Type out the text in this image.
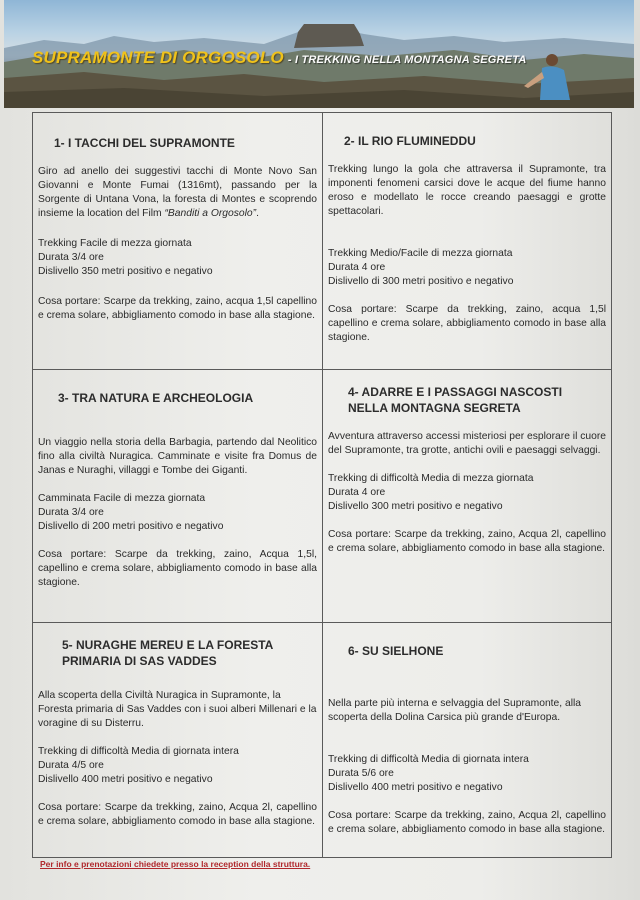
SUPRAMONTE DI ORGOSOLO - I TREKKING NELLA MONTAGNA SEGRETA
1- I TACCHI DEL SUPRAMONTE

Giro ad anello dei suggestivi tacchi di Monte Novo San Giovanni e Monte Fumai (1316mt), passando per la Sorgente di Untana Vona, la foresta di Montes e scoprendo insieme la location del Film “Banditi a Orgosolo”.

Trekking Facile di mezza giornata

Durata 3/4 ore

Dislivello 350 metri positivo e negativo

Cosa portare: Scarpe da trekking, zaino, acqua 1,5l capellino e crema solare, abbigliamento comodo in base alla stagione.

2- IL RIO FLUMINEDDU

Trekking lungo la gola che attraversa il Supramonte, tra imponenti fenomeni carsici dove le acque del fiume hanno eroso e modellato le rocce creando paesaggi e grotte spettacolari.

Trekking Medio/Facile di mezza giornata

Durata 4 ore

Dislivello di 300 metri positivo e negativo

Cosa portare: Scarpe da trekking, zaino, acqua 1,5l capellino e crema solare, abbigliamento comodo in base alla stagione.

3- TRA NATURA E ARCHEOLOGIA

Un viaggio nella storia della Barbagia, partendo dal Neolitico fino alla civiltà Nuragica. Camminate e visite fra Domus de Janas e Nuraghi, villaggi e Tombe dei Giganti.

Camminata Facile di mezza giornata

Durata 3/4 ore

Dislivello di 200 metri positivo e negativo

Cosa portare: Scarpe da trekking, zaino, Acqua 1,5l, capellino e crema solare, abbigliamento comodo in base alla stagione.

4- ADARRE E I PASSAGGI NASCOSTI NELLA MONTAGNA SEGRETA

Avventura attraverso accessi misteriosi per esplorare il cuore del Supramonte, tra grotte, antichi ovili e paesaggi selvaggi.

Trekking di difficoltà Media di mezza giornata

Durata 4 ore

Dislivello 300 metri positivo e negativo

Cosa portare: Scarpe da trekking, zaino, Acqua 2l, capellino e crema solare, abbigliamento comodo in base alla stagione.

5- NURAGHE MEREU E LA FORESTA PRIMARIA DI SAS VADDES

Alla scoperta della Civiltà Nuragica in Supramonte, la Foresta primaria di Sas Vaddes con i suoi alberi Millenari e la voragine di su Disterru.

Trekking di difficoltà Media di giornata intera

Durata 4/5 ore

Dislivello 400 metri positivo e negativo

Cosa portare: Scarpe da trekking, zaino, Acqua 2l, capellino e crema solare, abbigliamento comodo in base alla stagione.

6- SU SIELHONE

Nella parte più interna e selvaggia del Supramonte, alla scoperta della Dolina Carsica più grande d'Europa.

Trekking di difficoltà Media di giornata intera

Durata 5/6 ore

Dislivello 400 metri positivo e negativo

Cosa portare: Scarpe da trekking, zaino, Acqua 2l, capellino e crema solare, abbigliamento comodo in base alla stagione.

Per info e prenotazioni chiedete presso la reception della struttura.
